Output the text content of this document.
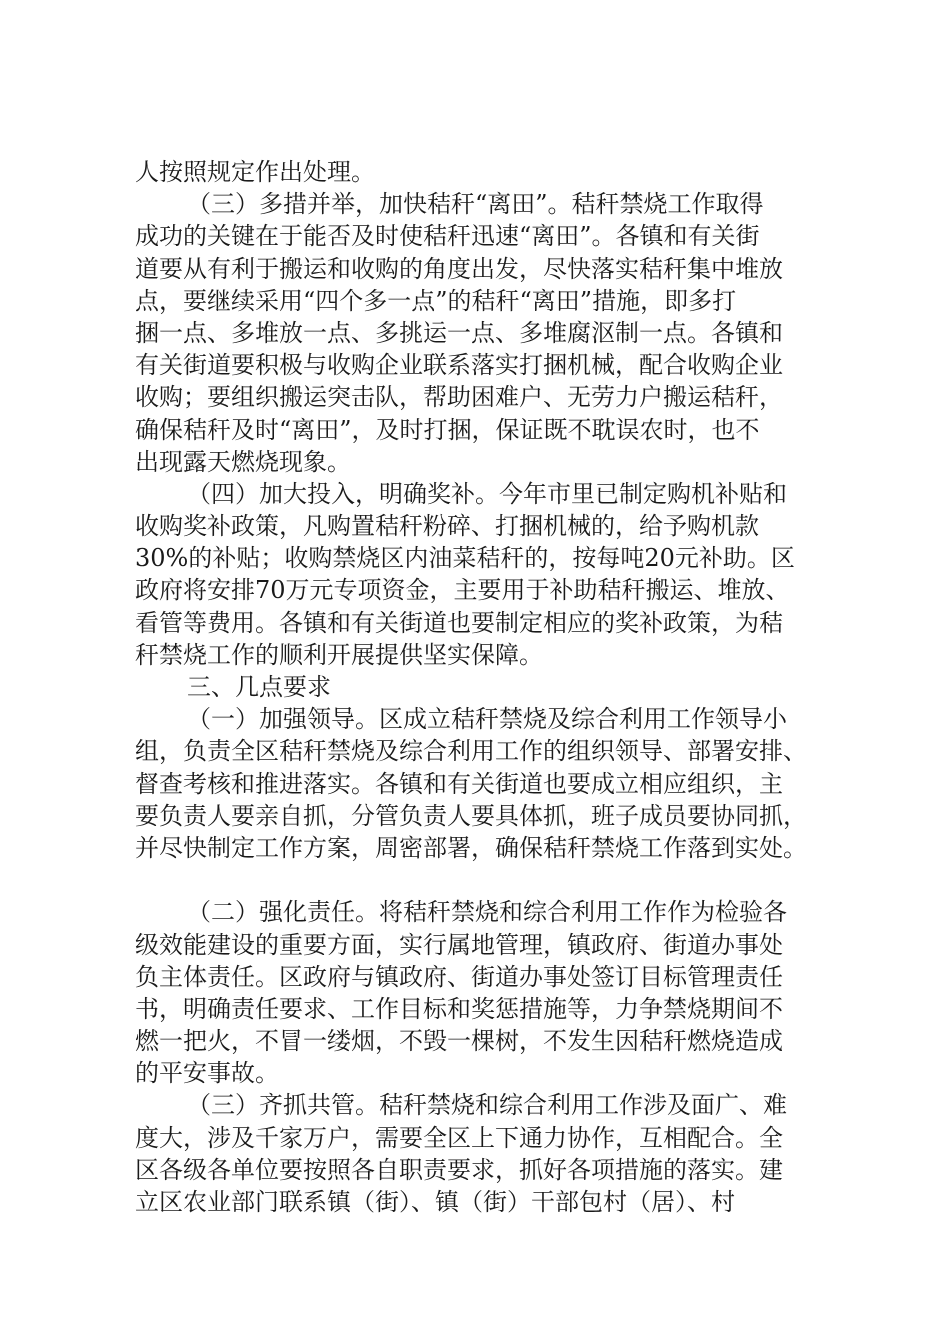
人按照规定作出处理。
（三）多措并举，加快秸秆“离田”。秸秆禁烧工作取得
成功的关键在于能否及时使秸秆迅速“离田”。各镇和有关街
道要从有利于搬运和收购的角度出发，尽快落实秸秆集中堆放
点，要继续采用“四个多一点”的秸秆“离田”措施，即多打
捆一点、多堆放一点、多挑运一点、多堆腐沤制一点。各镇和
有关街道要积极与收购企业联系落实打捆机械，配合收购企业
收购；要组织搬运突击队，帮助困难户、无劳力户搬运秸秆，
确保秸秆及时“离田”，及时打捆，保证既不耽误农时，也不
出现露天燃烧现象。
（四）加大投入，明确奖补。今年市里已制定购机补贴和
收购奖补政策，凡购置秸秆粉碎、打捆机械的，给予购机款
30%的补贴；收购禁烧区内油菜秸秆的，按每吨20元补助。区
政府将安排70万元专项资金，主要用于补助秸秆搬运、堆放、
看管等费用。各镇和有关街道也要制定相应的奖补政策，为秸
秆禁烧工作的顺利开展提供坚实保障。
三、几点要求
（一）加强领导。区成立秸秆禁烧及综合利用工作领导小
组，负责全区秸秆禁烧及综合利用工作的组织领导、部署安排、
督查考核和推进落实。各镇和有关街道也要成立相应组织，主
要负责人要亲自抓，分管负责人要具体抓，班子成员要协同抓，
并尽快制定工作方案，周密部署，确保秸秆禁烧工作落到实处。
（二）强化责任。将秸秆禁烧和综合利用工作作为检验各
级效能建设的重要方面，实行属地管理，镇政府、街道办事处
负主体责任。区政府与镇政府、街道办事处签订目标管理责任
书，明确责任要求、工作目标和奖惩措施等，力争禁烧期间不
燃一把火，不冒一缕烟，不毁一棵树，不发生因秸秆燃烧造成
的平安事故。
（三）齐抓共管。秸秆禁烧和综合利用工作涉及面广、难
度大，涉及千家万户，需要全区上下通力协作，互相配合。全
区各级各单位要按照各自职责要求，抓好各项措施的落实。建
立区农业部门联系镇（街）、镇（街）干部包村（居）、村
